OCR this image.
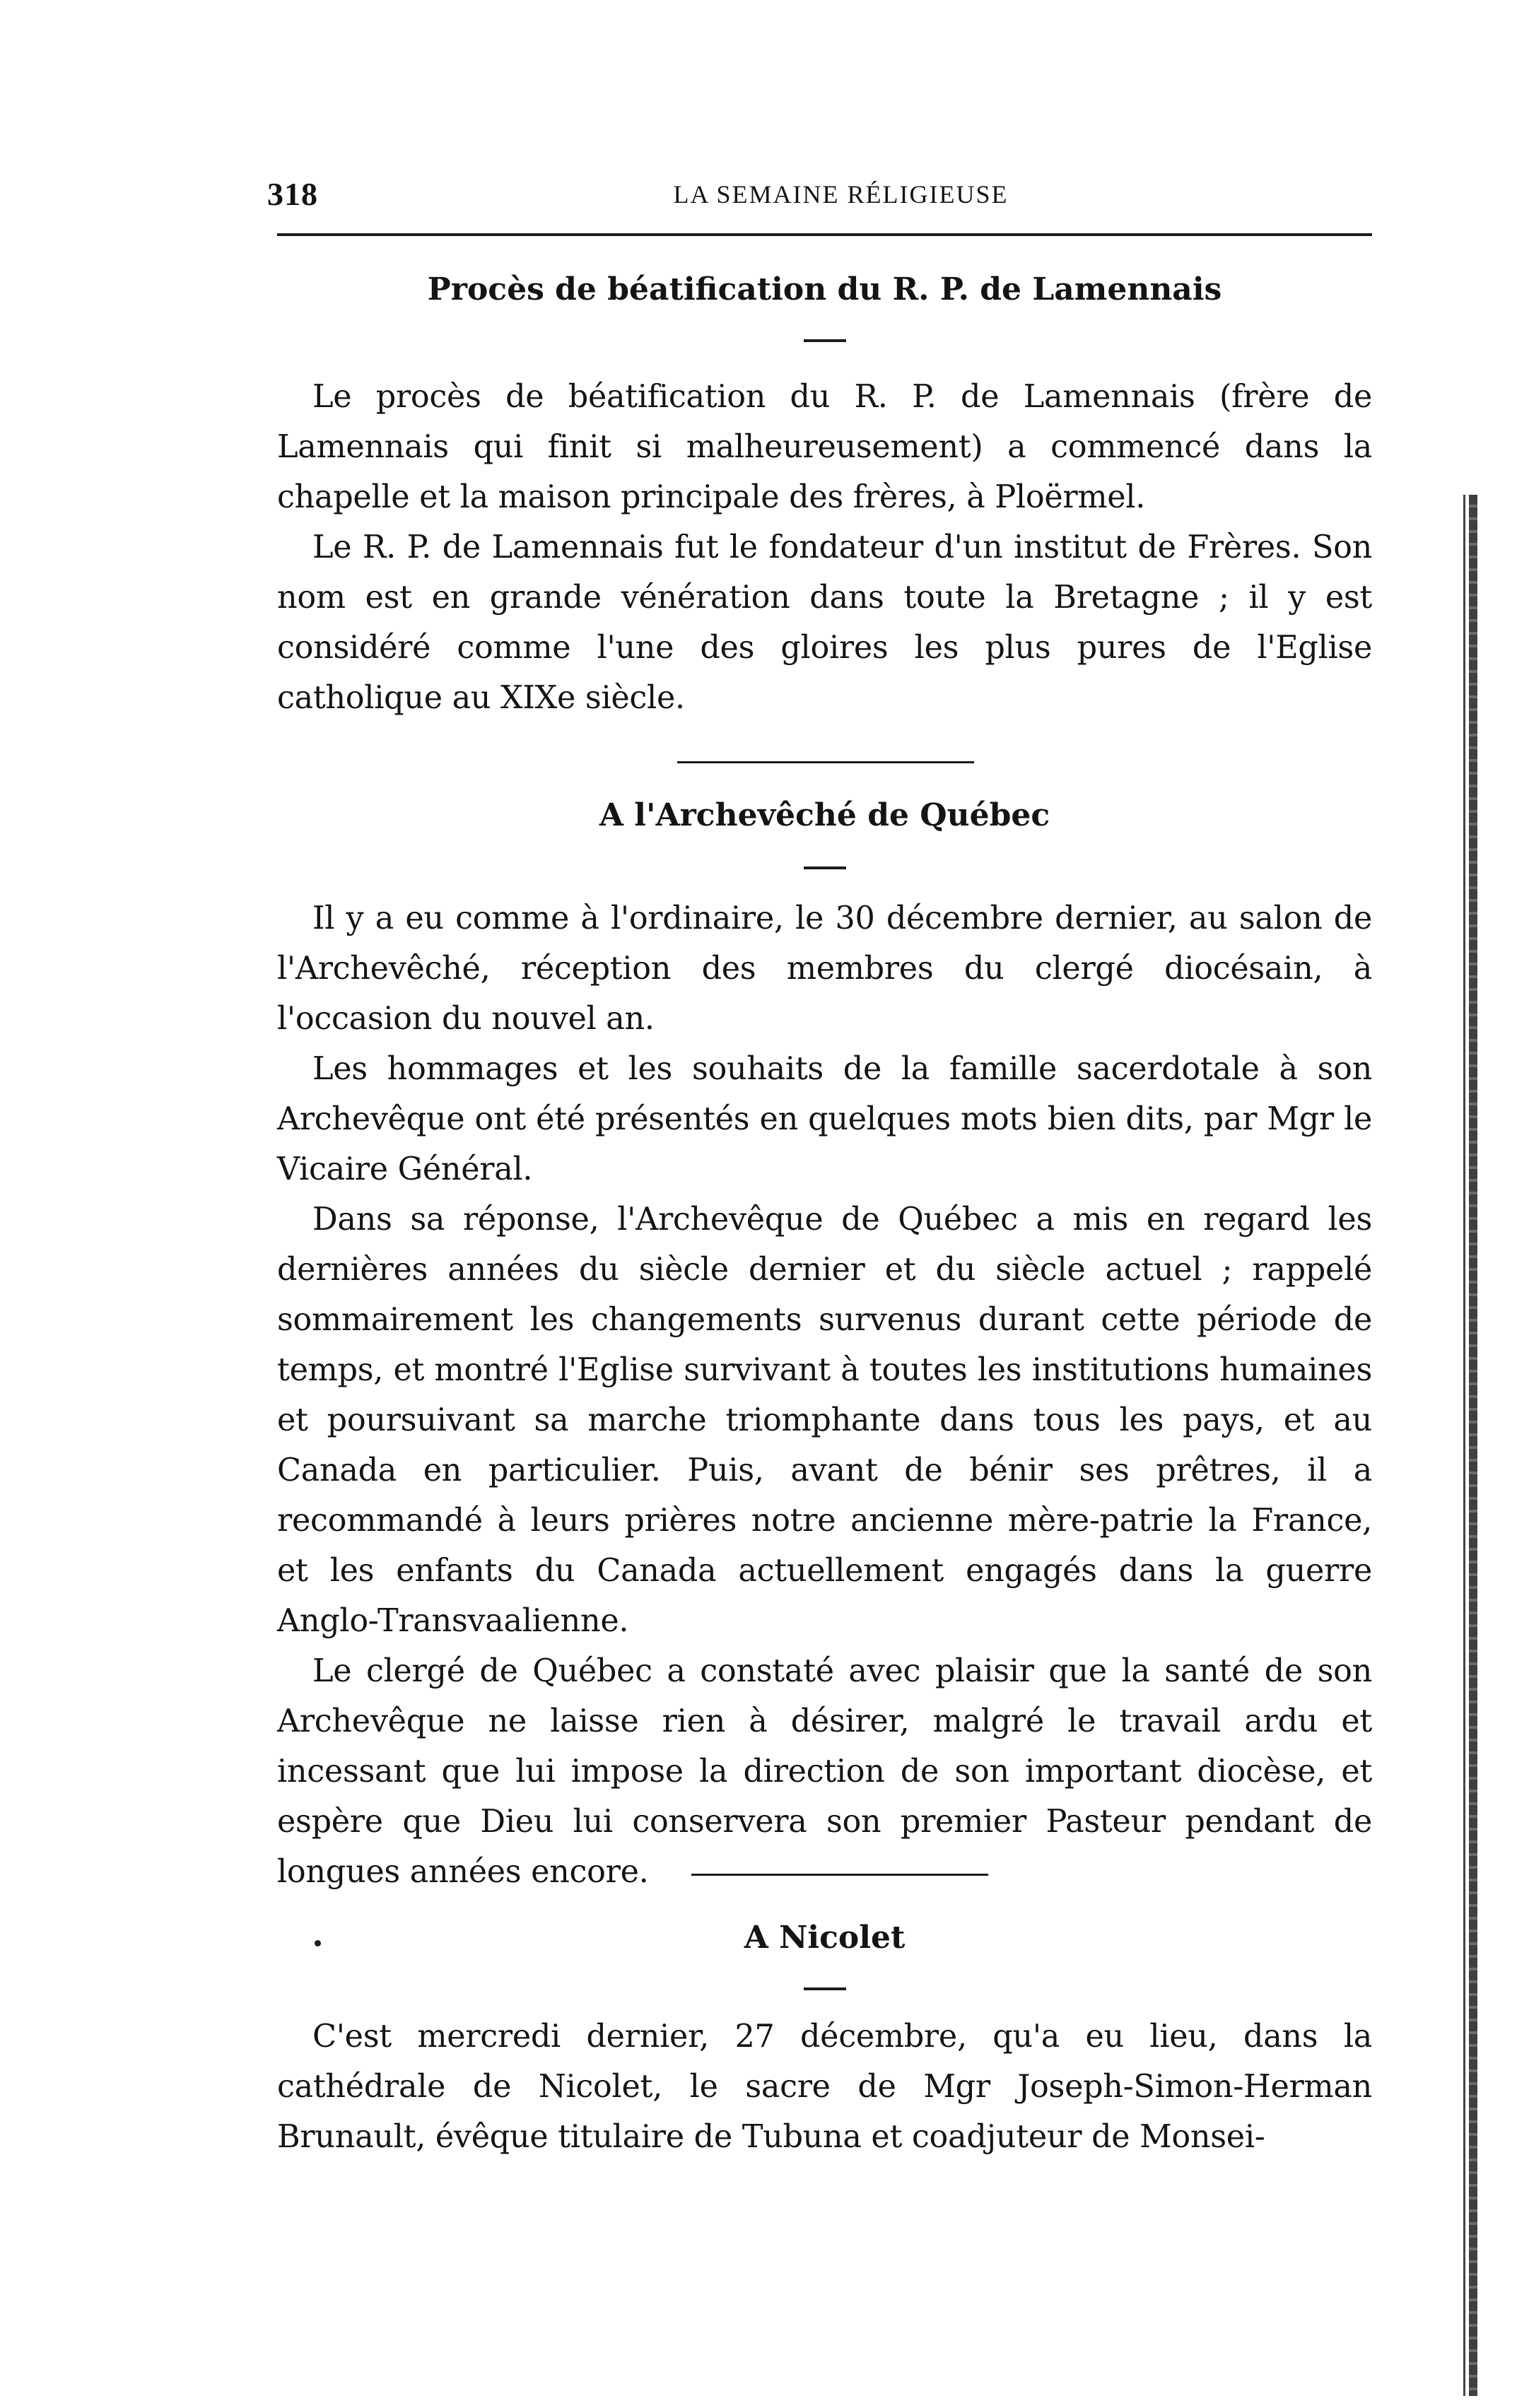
318	LA SEMAINE RÉLIGIEUSE
Procès de béatification du R. P. de Lamennais

Le procès de béatification du R. P. de Lamennais (frère de Lamennais qui finit si malheureusement) a commencé dans la chapelle et la maison principale des frères, à Ploërmel.

Le R. P. de Lamennais fut le fondateur d'un institut de Frères. Son nom est en grande vénération dans toute la Bretagne ; il y est considéré comme l'une des gloires les plus pures de l'Eglise catholique au XIXe siècle.

A l'Archevêché de Québec

Il y a eu comme à l'ordinaire, le 30 décembre dernier, au salon de l'Archevêché, réception des membres du clergé diocésain, à l'occasion du nouvel an.

Les hommages et les souhaits de la famille sacerdotale à son Archevêque ont été présentés en quelques mots bien dits, par Mgr le Vicaire Général.

Dans sa réponse, l'Archevêque de Québec a mis en regard les dernières années du siècle dernier et du siècle actuel ; rappelé sommairement les changements survenus durant cette période de temps, et montré l'Eglise survivant à toutes les institutions humaines et poursuivant sa marche triomphante dans tous les pays, et au Canada en particulier. Puis, avant de bénir ses prêtres, il a recommandé à leurs prières notre ancienne mère-patrie la France, et les enfants du Canada actuellement engagés dans la guerre Anglo-Transvaalienne.

Le clergé de Québec a constaté avec plaisir que la santé de son Archevêque ne laisse rien à désirer, malgré le travail ardu et incessant que lui impose la direction de son important diocèse, et espère que Dieu lui conservera son premier Pasteur pendant de longues années encore.

A Nicolet

C'est mercredi dernier, 27 décembre, qu'a eu lieu, dans la cathédrale de Nicolet, le sacre de Mgr Joseph-Simon-Herman Brunault, évêque titulaire de Tubuna et coadjuteur de Monsei-
